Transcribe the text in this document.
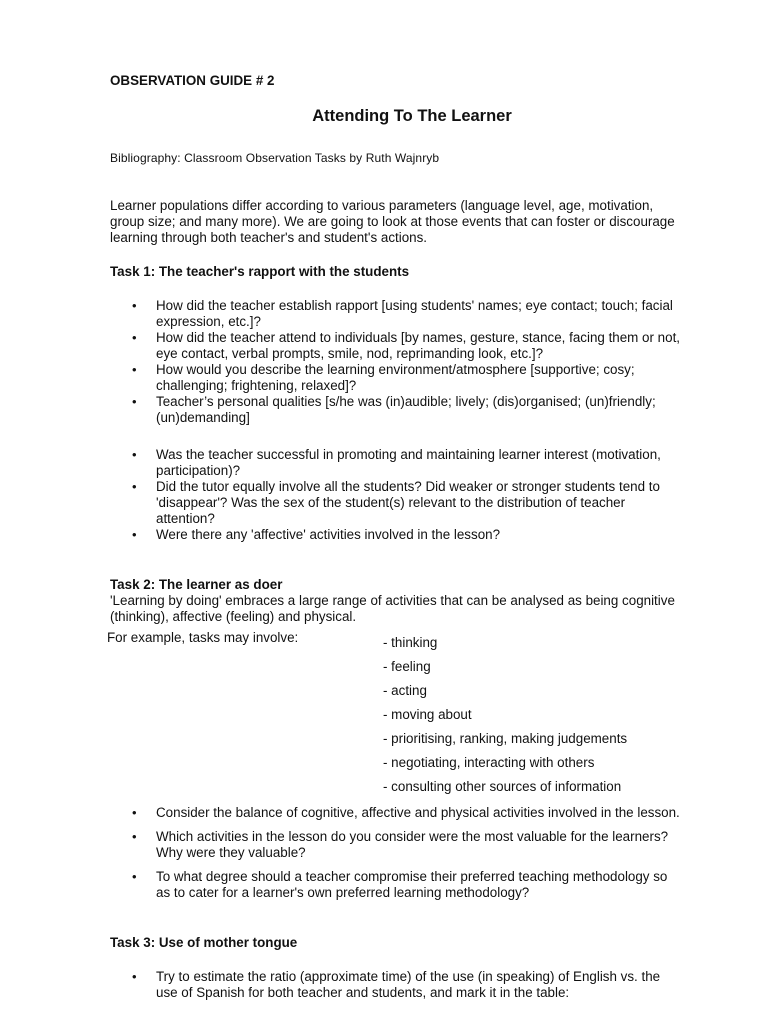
OBSERVATION GUIDE # 2
Attending To The Learner
Bibliography: Classroom Observation Tasks by Ruth Wajnryb
Learner populations differ according to various parameters (language level, age, motivation,
group size; and many more). We are going to look at those events that can foster or discourage
learning through both teacher's and student's actions.
Task 1: The teacher's rapport with the students
• How did the teacher establish rapport [using students' names; eye contact; touch; facial
expression, etc.]?
• How did the teacher attend to individuals [by names, gesture, stance, facing them or not,
eye contact, verbal prompts, smile, nod, reprimanding look, etc.]?
• How would you describe the learning environment/atmosphere [supportive; cosy;
challenging; frightening, relaxed]?
• Teacher’s personal qualities [s/he was (in)audible; lively; (dis)organised; (un)friendly;
(un)demanding]
• Was the teacher successful in promoting and maintaining learner interest (motivation,
participation)?
• Did the tutor equally involve all the students? Did weaker or stronger students tend to
'disappear'? Was the sex of the student(s) relevant to the distribution of teacher
attention?
• Were there any 'affective' activities involved in the lesson?
Task 2: The learner as doer
'Learning by doing' embraces a large range of activities that can be analysed as being cognitive
(thinking), affective (feeling) and physical.
For example, tasks may involve:	- thinking
- feeling
- acting
- moving about
- prioritising, ranking, making judgements
- negotiating, interacting with others
- consulting other sources of information
• Consider the balance of cognitive, affective and physical activities involved in the lesson.
• Which activities in the lesson do you consider were the most valuable for the learners?
Why were they valuable?
• To what degree should a teacher compromise their preferred teaching methodology so
as to cater for a learner's own preferred learning methodology?
Task 3: Use of mother tongue
• Try to estimate the ratio (approximate time) of the use (in speaking) of English vs. the
use of Spanish for both teacher and students, and mark it in the table:
